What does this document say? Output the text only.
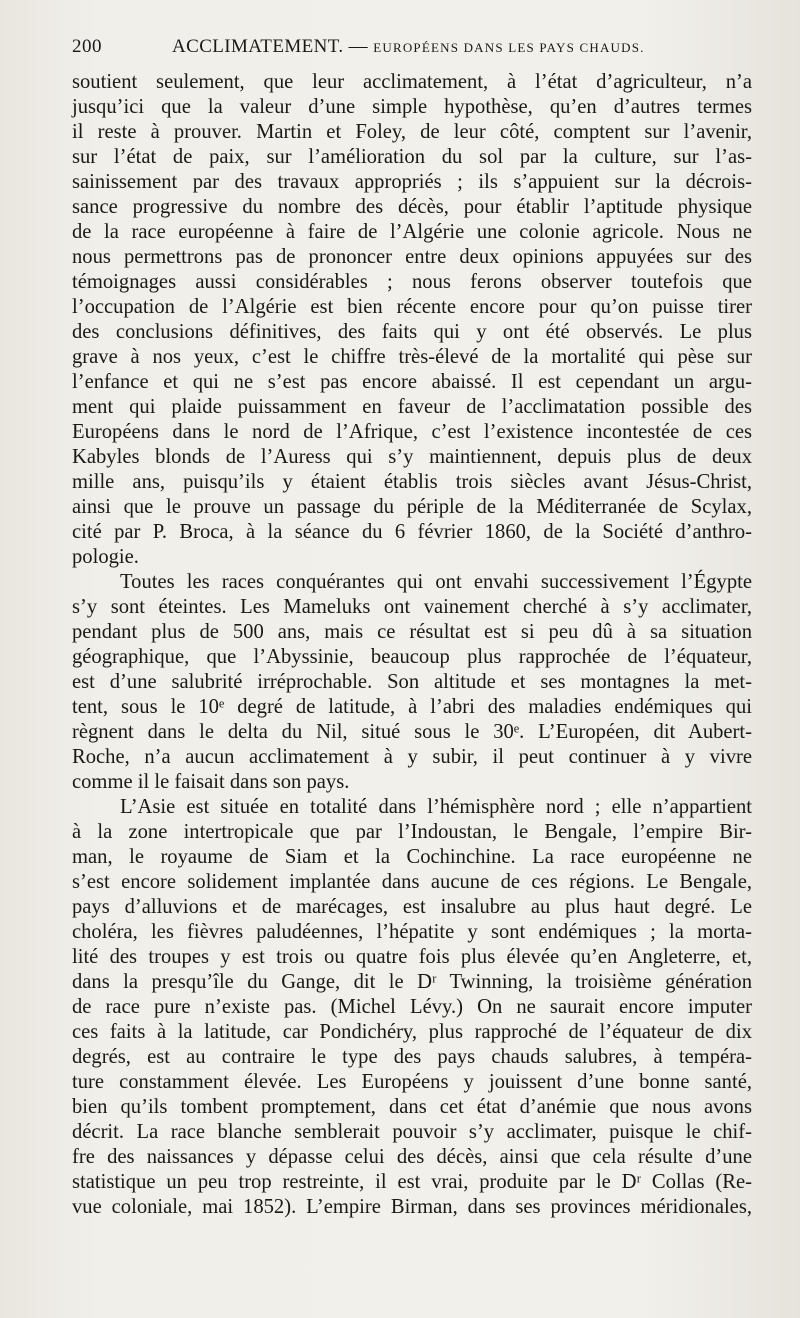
200	ACCLIMATEMENT. — EUROPÉENS DANS LES PAYS CHAUDS.
soutient seulement, que leur acclimatement, à l’état d’agriculteur, n’a
jusqu’ici que la valeur d’une simple hypothèse, qu’en d’autres termes
il reste à prouver. Martin et Foley, de leur côté, comptent sur l’avenir,
sur l’état de paix, sur l’amélioration du sol par la culture, sur l’as-
sainissement par des travaux appropriés ; ils s’appuient sur la décrois-
sance progressive du nombre des décès, pour établir l’aptitude physique
de la race européenne à faire de l’Algérie une colonie agricole. Nous ne
nous permettrons pas de prononcer entre deux opinions appuyées sur des
témoignages aussi considérables ; nous ferons observer toutefois que
l’occupation de l’Algérie est bien récente encore pour qu’on puisse tirer
des conclusions définitives, des faits qui y ont été observés. Le plus
grave à nos yeux, c’est le chiffre très-élevé de la mortalité qui pèse sur
l’enfance et qui ne s’est pas encore abaissé. Il est cependant un argu-
ment qui plaide puissamment en faveur de l’acclimatation possible des
Européens dans le nord de l’Afrique, c’est l’existence incontestée de ces
Kabyles blonds de l’Auress qui s’y maintiennent, depuis plus de deux
mille ans, puisqu’ils y étaient établis trois siècles avant Jésus-Christ,
ainsi que le prouve un passage du périple de la Méditerranée de Scylax,
cité par P. Broca, à la séance du 6 février 1860, de la Société d’anthro-
pologie.
Toutes les races conquérantes qui ont envahi successivement l’Égypte
s’y sont éteintes. Les Mameluks ont vainement cherché à s’y acclimater,
pendant plus de 500 ans, mais ce résultat est si peu dû à sa situation
géographique, que l’Abyssinie, beaucoup plus rapprochée de l’équateur,
est d’une salubrité irréprochable. Son altitude et ses montagnes la met-
tent, sous le 10ᵉ degré de latitude, à l’abri des maladies endémiques qui
règnent dans le delta du Nil, situé sous le 30ᵉ. L’Européen, dit Aubert-
Roche, n’a aucun acclimatement à y subir, il peut continuer à y vivre
comme il le faisait dans son pays.
L’Asie est située en totalité dans l’hémisphère nord ; elle n’appartient
à la zone intertropicale que par l’Indoustan, le Bengale, l’empire Bir-
man, le royaume de Siam et la Cochinchine. La race européenne ne
s’est encore solidement implantée dans aucune de ces régions. Le Bengale,
pays d’alluvions et de marécages, est insalubre au plus haut degré. Le
choléra, les fièvres paludéennes, l’hépatite y sont endémiques ; la morta-
lité des troupes y est trois ou quatre fois plus élevée qu’en Angleterre, et,
dans la presqu’île du Gange, dit le Dʳ Twinning, la troisième génération
de race pure n’existe pas. (Michel Lévy.) On ne saurait encore imputer
ces faits à la latitude, car Pondichéry, plus rapproché de l’équateur de dix
degrés, est au contraire le type des pays chauds salubres, à tempéra-
ture constamment élevée. Les Européens y jouissent d’une bonne santé,
bien qu’ils tombent promptement, dans cet état d’anémie que nous avons
décrit. La race blanche semblerait pouvoir s’y acclimater, puisque le chif-
fre des naissances y dépasse celui des décès, ainsi que cela résulte d’une
statistique un peu trop restreinte, il est vrai, produite par le Dʳ Collas (Re-
vue coloniale, mai 1852). L’empire Birman, dans ses provinces méridionales,
